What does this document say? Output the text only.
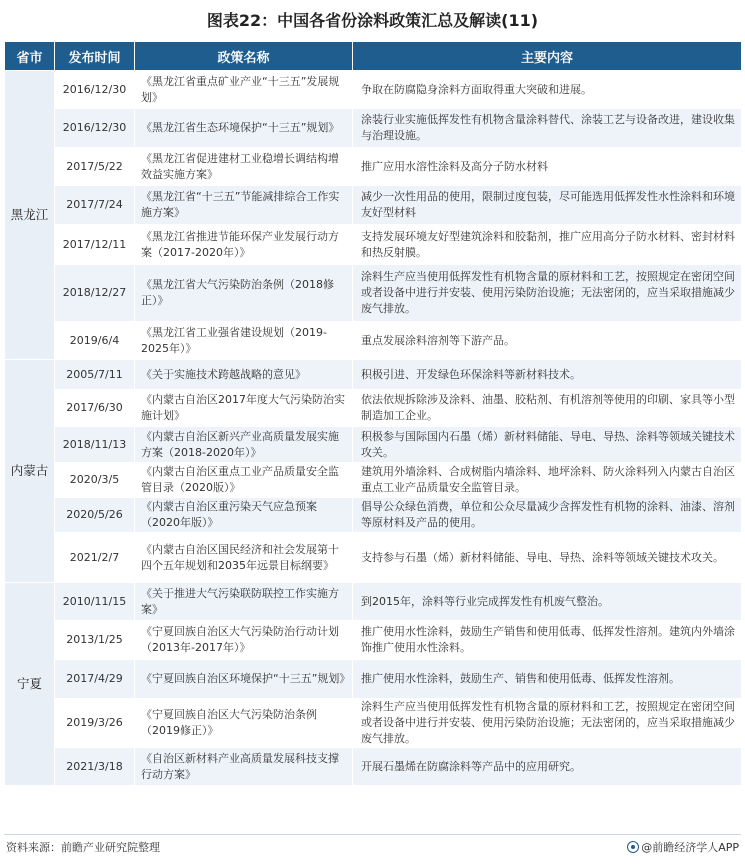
图表22：中国各省份涂料政策汇总及解读(11)
省市	发布时间	政策名称	主要内容
黑龙江	2016/12/30	《黑龙江省重点矿业产业“十三五”发展规划》	争取在防腐隐身涂料方面取得重大突破和进展。
	2016/12/30	《黑龙江省生态环境保护“十三五”规划》	涂装行业实施低挥发性有机物含量涂料替代、涂装工艺与设备改进，建设收集与治理设施。
	2017/5/22	《黑龙江省促进建材工业稳增长调结构增效益实施方案》	推广应用水溶性涂料及高分子防水材料
	2017/7/24	《黑龙江省“十三五”节能减排综合工作实施方案》	减少一次性用品的使用，限制过度包装，尽可能选用低挥发性水性涂料和环境友好型材料
	2017/12/11	《黑龙江省推进节能环保产业发展行动方案（2017-2020年）》	支持发展环境友好型建筑涂料和胶黏剂，推广应用高分子防水材料、密封材料和热反射膜。
	2018/12/27	《黑龙江省大气污染防治条例（2018修正）》	涂料生产应当使用低挥发性有机物含量的原材料和工艺，按照规定在密闭空间或者设备中进行并安装、使用污染防治设施；无法密闭的，应当采取措施减少废气排放。
	2019/6/4	《黑龙江省工业强省建设规划（2019-2025年）》	重点发展涂料溶剂等下游产品。
内蒙古	2005/7/11	《关于实施技术跨越战略的意见》	积极引进、开发绿色环保涂料等新材料技术。
	2017/6/30	《内蒙古自治区2017年度大气污染防治实施计划》	依法依规拆除涉及涂料、油墨、胶粘剂、有机溶剂等使用的印刷、家具等小型制造加工企业。
	2018/11/13	《内蒙古自治区新兴产业高质量发展实施方案（2018-2020年）》	积极参与国际国内石墨（烯）新材料储能、导电、导热、涂料等领域关键技术攻关。
	2020/3/5	《内蒙古自治区重点工业产品质量安全监管目录（2020版）》	建筑用外墙涂料、合成树脂内墙涂料、地坪涂料、防火涂料列入内蒙古自治区重点工业产品质量安全监管目录。
	2020/5/26	《内蒙古自治区重污染天气应急预案（2020年版）》	倡导公众绿色消费，单位和公众尽量减少含挥发性有机物的涂料、油漆、溶剂等原材料及产品的使用。
	2021/2/7	《内蒙古自治区国民经济和社会发展第十四个五年规划和2035年远景目标纲要》	支持参与石墨（烯）新材料储能、导电、导热、涂料等领域关键技术攻关。
宁夏	2010/11/15	《关于推进大气污染联防联控工作实施方案》	到2015年，涂料等行业完成挥发性有机废气整治。
	2013/1/25	《宁夏回族自治区大气污染防治行动计划（2013年-2017年）》	推广使用水性涂料，鼓励生产销售和使用低毒、低挥发性溶剂。建筑内外墙涂饰推广使用水性涂料。
	2017/4/29	《宁夏回族自治区环境保护“十三五”规划》	推广使用水性涂料，鼓励生产、销售和使用低毒、低挥发性溶剂。
	2019/3/26	《宁夏回族自治区大气污染防治条例（2019修正）》	涂料生产应当使用低挥发性有机物含量的原材料和工艺，按照规定在密闭空间或者设备中进行并安装、使用污染防治设施；无法密闭的，应当采取措施减少废气排放。
	2021/3/18	《自治区新材料产业高质量发展科技支撑行动方案》	开展石墨烯在防腐涂料等产品中的应用研究。
资料来源：前瞻产业研究院整理	@前瞻经济学人APP
